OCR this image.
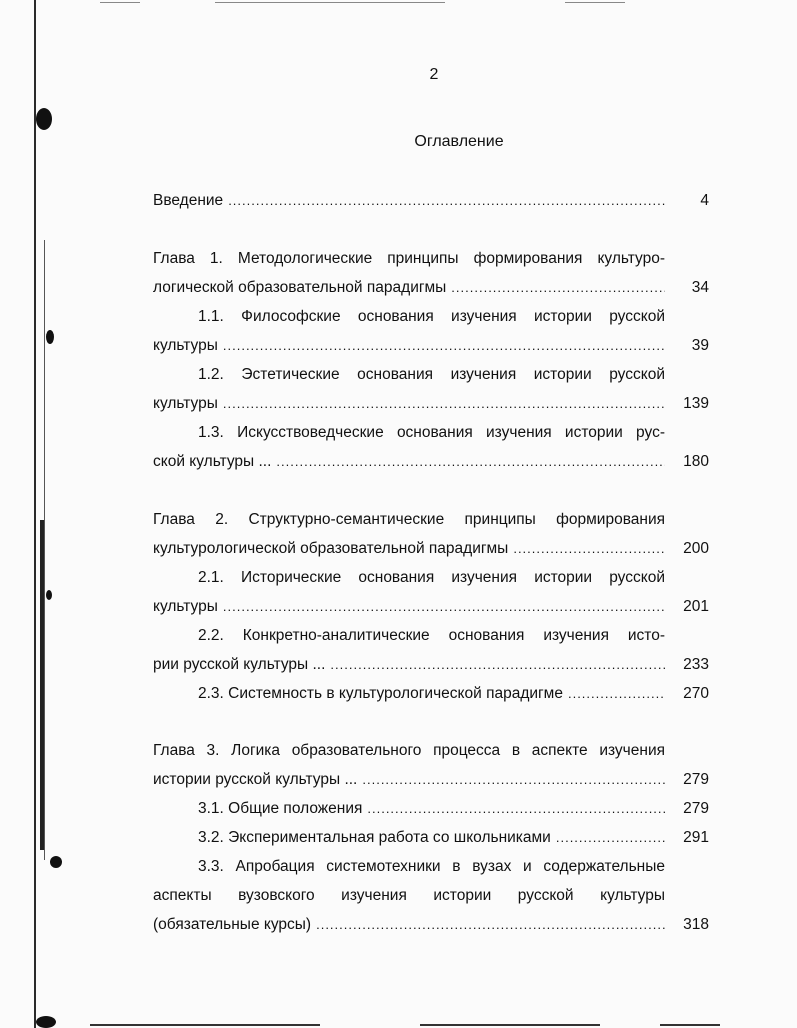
2
Оглавление
Введение .....	4
Глава 1. Методологические принципы формирования культуро-
логической образовательной парадигмы .....	34
1.1. Философские основания изучения истории русской
культуры .....	39
1.2. Эстетические основания изучения истории русской
культуры .....	139
1.3. Искусствоведческие основания изучения истории рус-
ской культуры ... .....	180
Глава 2. Структурно-семантические принципы формирования
культурологической образовательной парадигмы .....	200
2.1. Исторические основания изучения истории русской
культуры .....	201
2.2. Конкретно-аналитические основания изучения исто-
рии русской культуры ... .....	233
2.3. Системность в культурологической парадигме .....	270
Глава 3. Логика образовательного процесса в аспекте изучения
истории русской культуры ... .....	279
3.1. Общие положения .....	279
3.2. Экспериментальная работа со школьниками .....	291
3.3. Апробация системотехники в вузах и содержательные
аспекты вузовского изучения истории русской культуры
(обязательные курсы) .....	318
